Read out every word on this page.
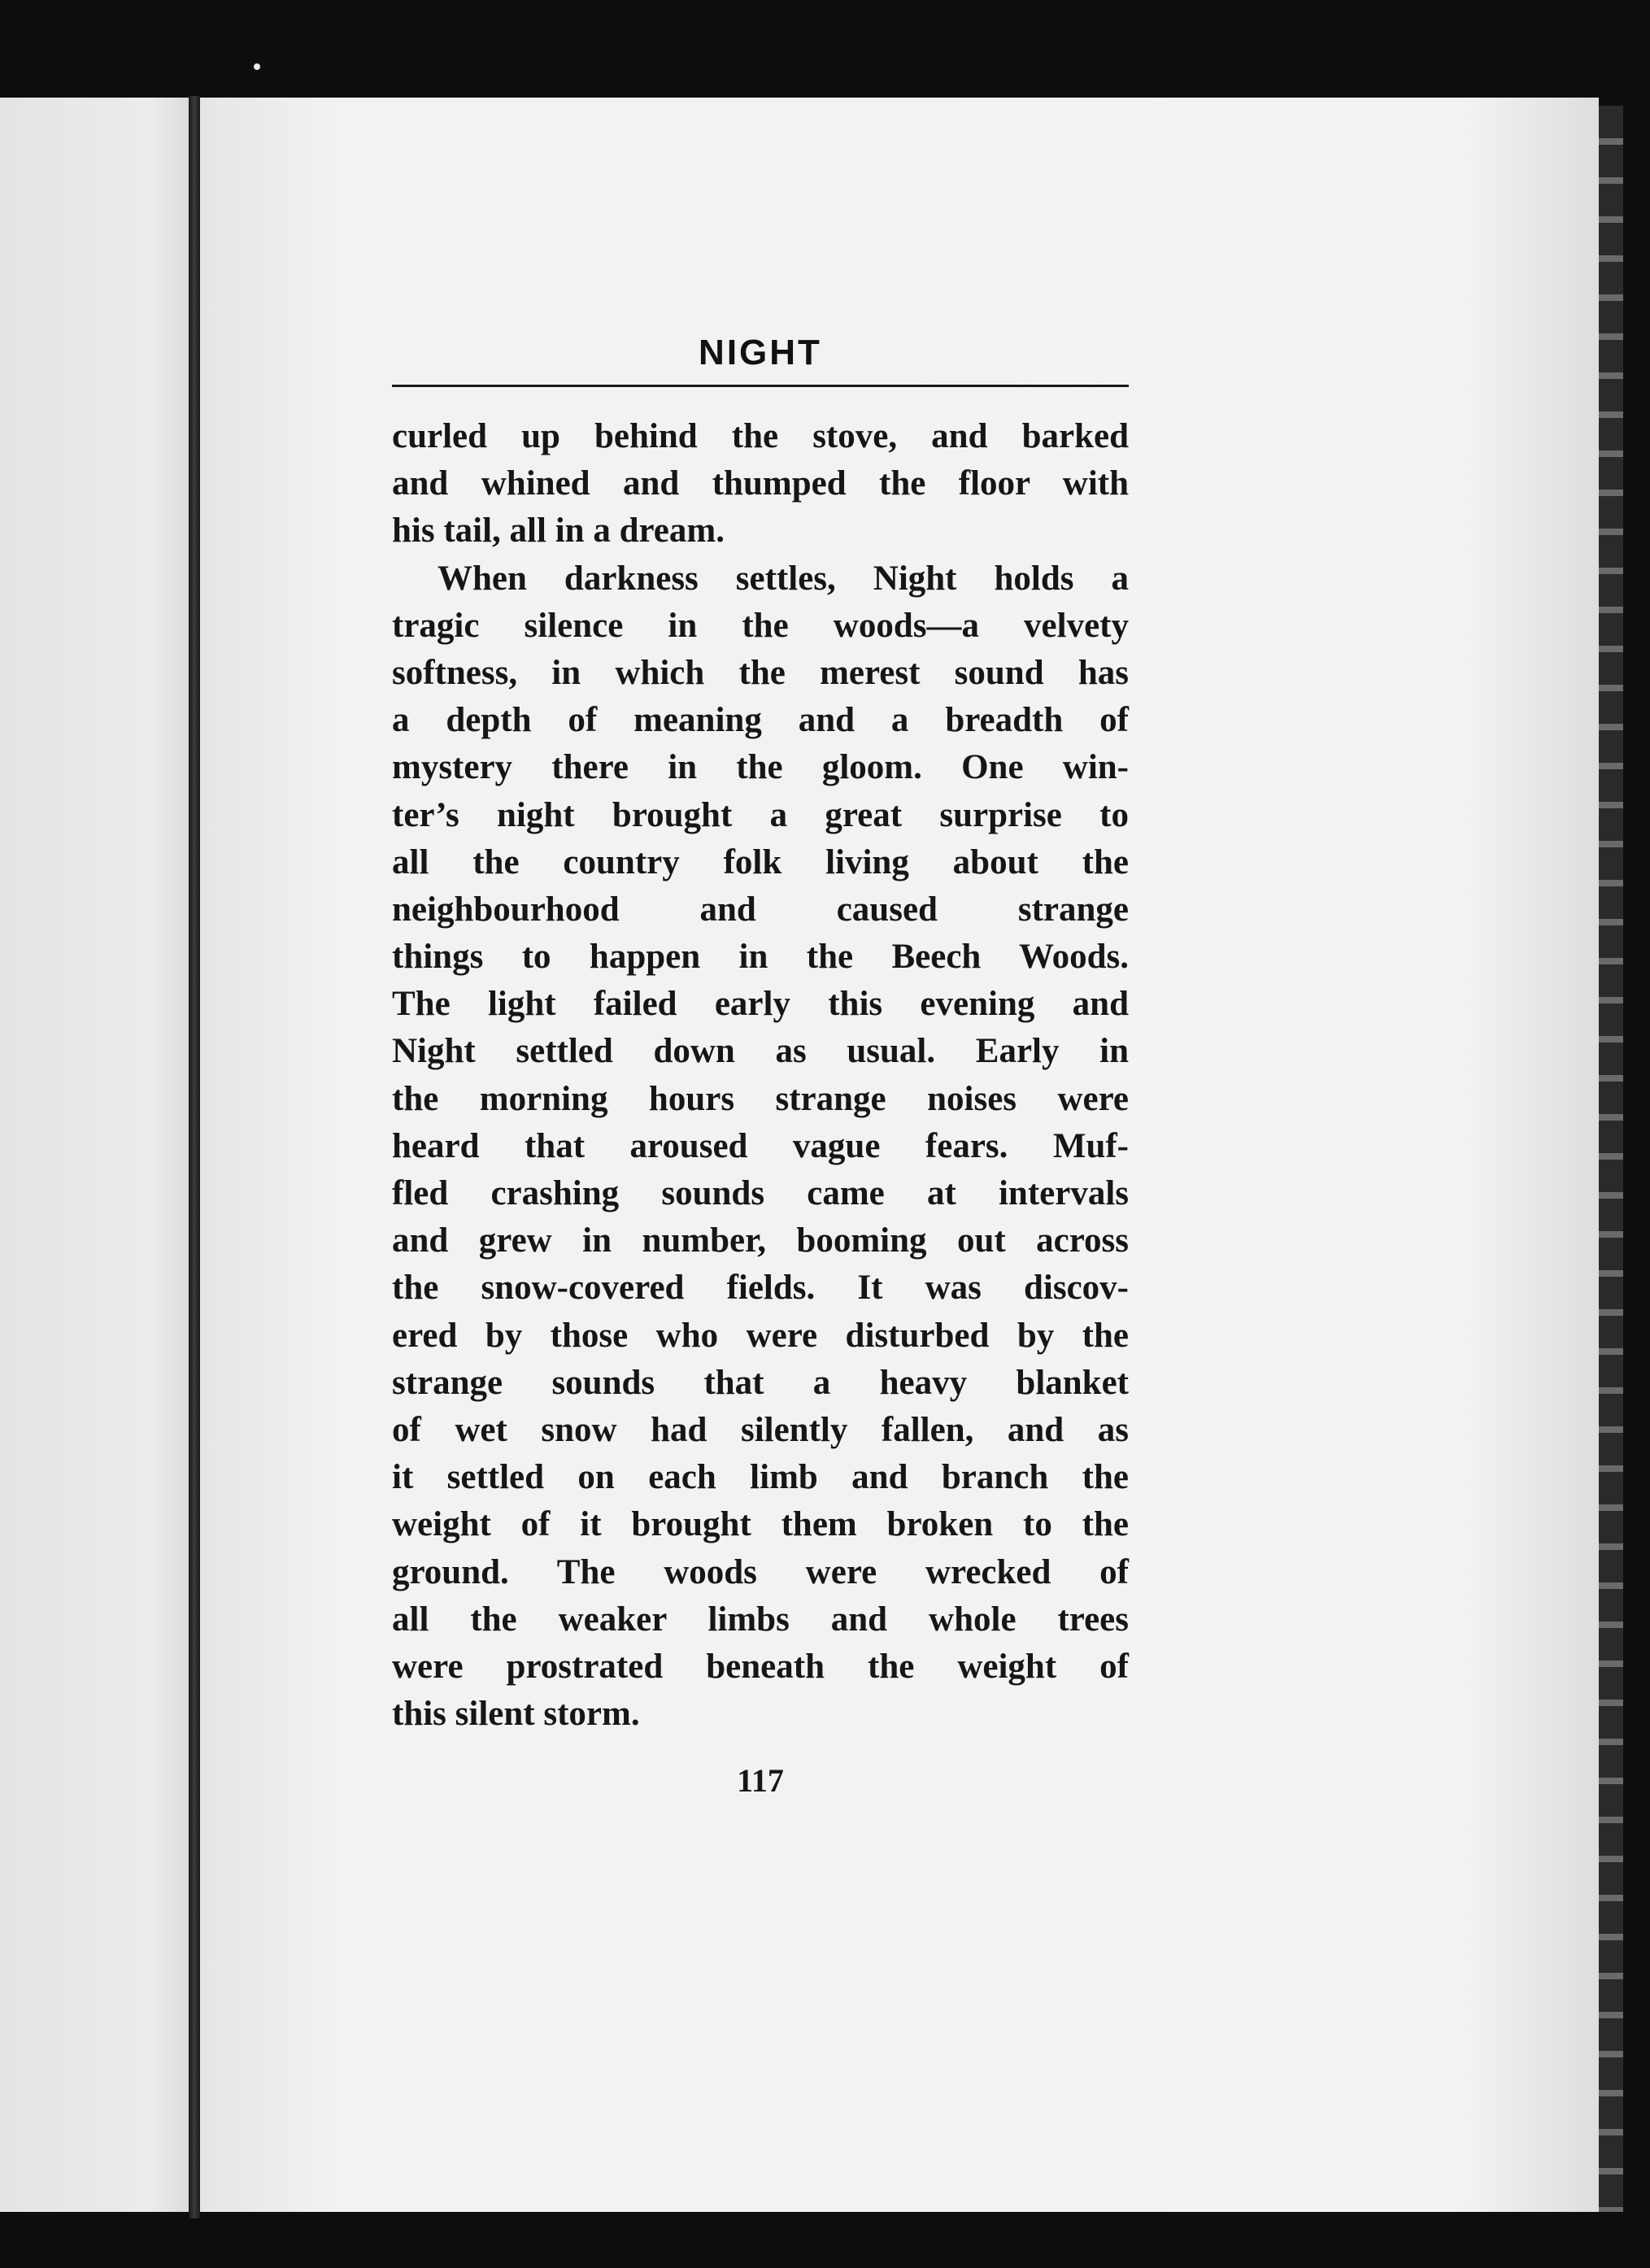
NIGHT
curled up behind the stove, and barked
and whined and thumped the floor with
his tail, all in a dream.
When darkness settles, Night holds a
tragic silence in the woods—a velvety
softness, in which the merest sound has
a depth of meaning and a breadth of
mystery there in the gloom. One win-
ter’s night brought a great surprise to
all the country folk living about the
neighbourhood and caused strange
things to happen in the Beech Woods.
The light failed early this evening and
Night settled down as usual. Early in
the morning hours strange noises were
heard that aroused vague fears. Muf-
fled crashing sounds came at intervals
and grew in number, booming out across
the snow-covered fields. It was discov-
ered by those who were disturbed by the
strange sounds that a heavy blanket
of wet snow had silently fallen, and as
it settled on each limb and branch the
weight of it brought them broken to the
ground. The woods were wrecked of
all the weaker limbs and whole trees
were prostrated beneath the weight of
this silent storm.
117
